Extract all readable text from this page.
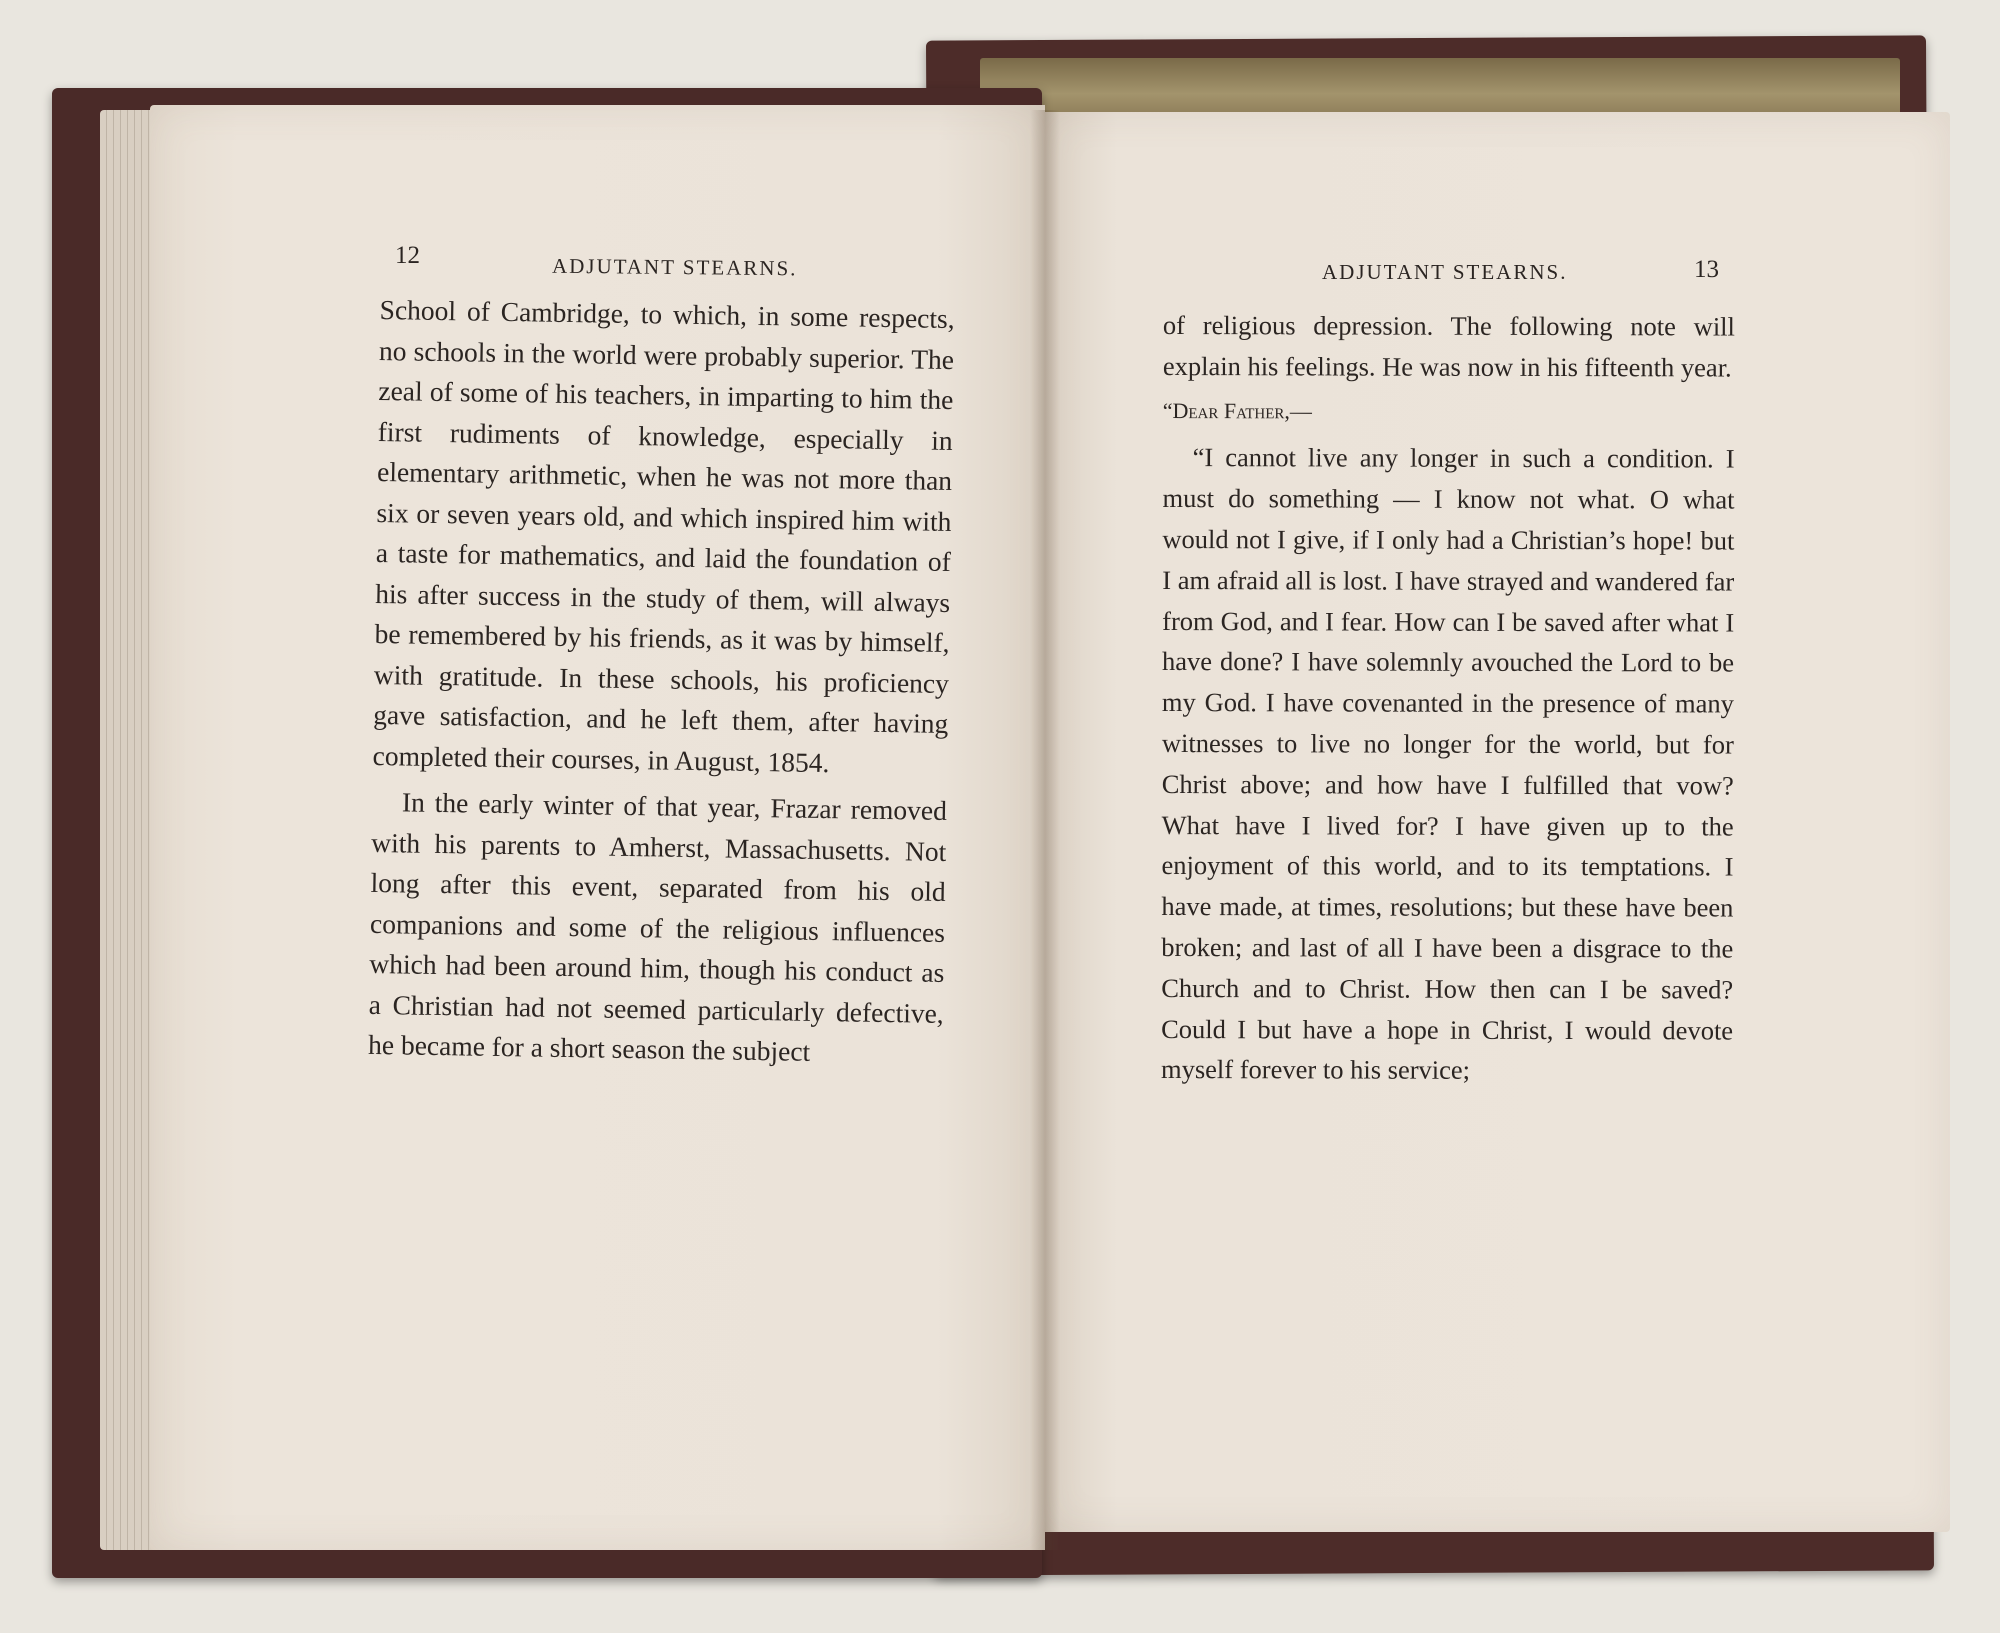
12	ADJUTANT STEARNS.

School of Cambridge, to which, in some respects, no schools in the world were probably superior. The zeal of some of his teachers, in imparting to him the first rudiments of knowledge, especially in elementary arithmetic, when he was not more than six or seven years old, and which inspired him with a taste for mathematics, and laid the foundation of his after success in the study of them, will always be remembered by his friends, as it was by himself, with gratitude. In these schools, his proficiency gave satisfaction, and he left them, after having completed their courses, in August, 1854.

In the early winter of that year, Frazar removed with his parents to Amherst, Massachusetts. Not long after this event, separated from his old companions and some of the religious influences which had been around him, though his conduct as a Christian had not seemed particularly defective, he became for a short season the subject

ADJUTANT STEARNS.	13

of religious depression. The following note will explain his feelings. He was now in his fifteenth year.

“Dear Father,—

“I cannot live any longer in such a condition. I must do something — I know not what. O what would not I give, if I only had a Christian’s hope! but I am afraid all is lost. I have strayed and wandered far from God, and I fear. How can I be saved after what I have done? I have solemnly avouched the Lord to be my God. I have covenanted in the presence of many witnesses to live no longer for the world, but for Christ above; and how have I fulfilled that vow? What have I lived for? I have given up to the enjoyment of this world, and to its temptations. I have made, at times, resolutions; but these have been broken; and last of all I have been a disgrace to the Church and to Christ. How then can I be saved? Could I but have a hope in Christ, I would devote myself forever to his service;
